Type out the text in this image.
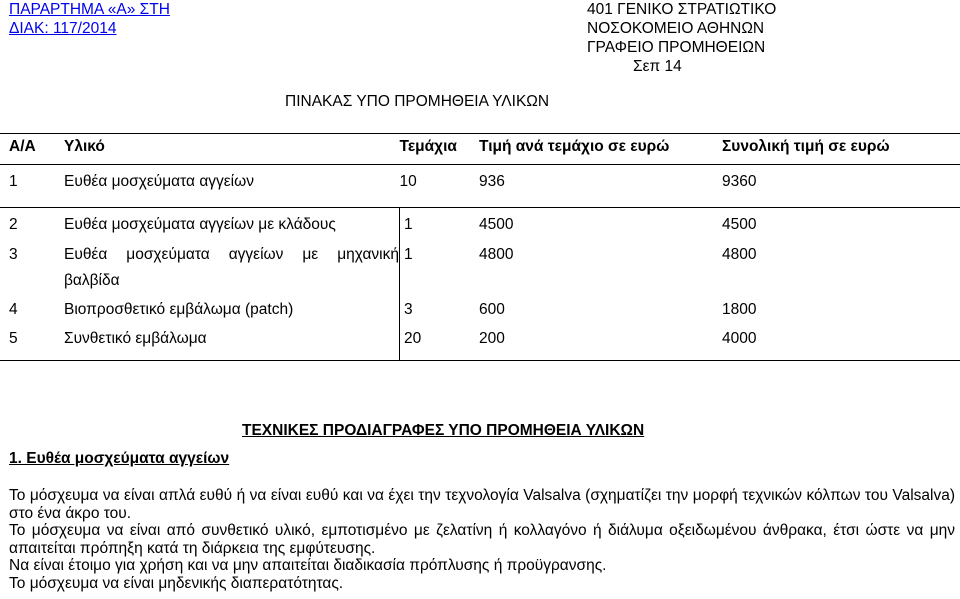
ΠΑΡΑΡΤΗΜΑ «Α» ΣΤΗ
ΔΙΑΚ: 117/2014
401 ΓΕΝΙΚΟ ΣΤΡΑΤΙΩΤΙΚΟ
ΝΟΣΟΚΟΜΕΙΟ ΑΘΗΝΩΝ
ΓΡΑΦΕΙΟ ΠΡΟΜΗΘΕΙΩΝ
Σεπ 14
ΠΙΝΑΚΑΣ ΥΠΟ ΠΡΟΜΗΘΕΙΑ ΥΛΙΚΩΝ
Α/Α	Υλικό	Τεμάχια	Τιμή ανά τεμάχιο σε ευρώ	Συνολική τιμή σε ευρώ
1	Ευθέα μοσχεύματα αγγείων	10	936	9360
2	Ευθέα μοσχεύματα αγγείων με κλάδους	1	4500	4500
3	Ευθέα μοσχεύματα αγγείων με μηχανική
βαλβίδα	1	4800	4800
4	Βιοπροσθετικό εμβάλωμα (patch)	3	600	1800
5	Συνθετικό εμβάλωμα	20	200	4000
ΤΕΧΝΙΚΕΣ ΠΡΟΔΙΑΓΡΑΦΕΣ ΥΠΟ ΠΡΟΜΗΘΕΙΑ ΥΛΙΚΩΝ
1. Ευθέα μοσχεύματα αγγείων

Το μόσχευμα να είναι απλά ευθύ ή να είναι ευθύ και να έχει την τεχνολογία Valsalva (σχηματίζει την μορφή τεχνικών κόλπων του Valsalva) στο ένα άκρο του.

Το μόσχευμα να είναι από συνθετικό υλικό, εμποτισμένο με ζελατίνη ή κολλαγόνο ή διάλυμα οξειδωμένου άνθρακα, έτσι ώστε να μην απαιτείται πρόπηξη κατά τη διάρκεια της εμφύτευσης.

Να είναι έτοιμο για χρήση και να μην απαιτείται διαδικασία πρόπλυσης ή προϋγρανσης.

Το μόσχευμα να είναι μηδενικής διαπερατότητας.
